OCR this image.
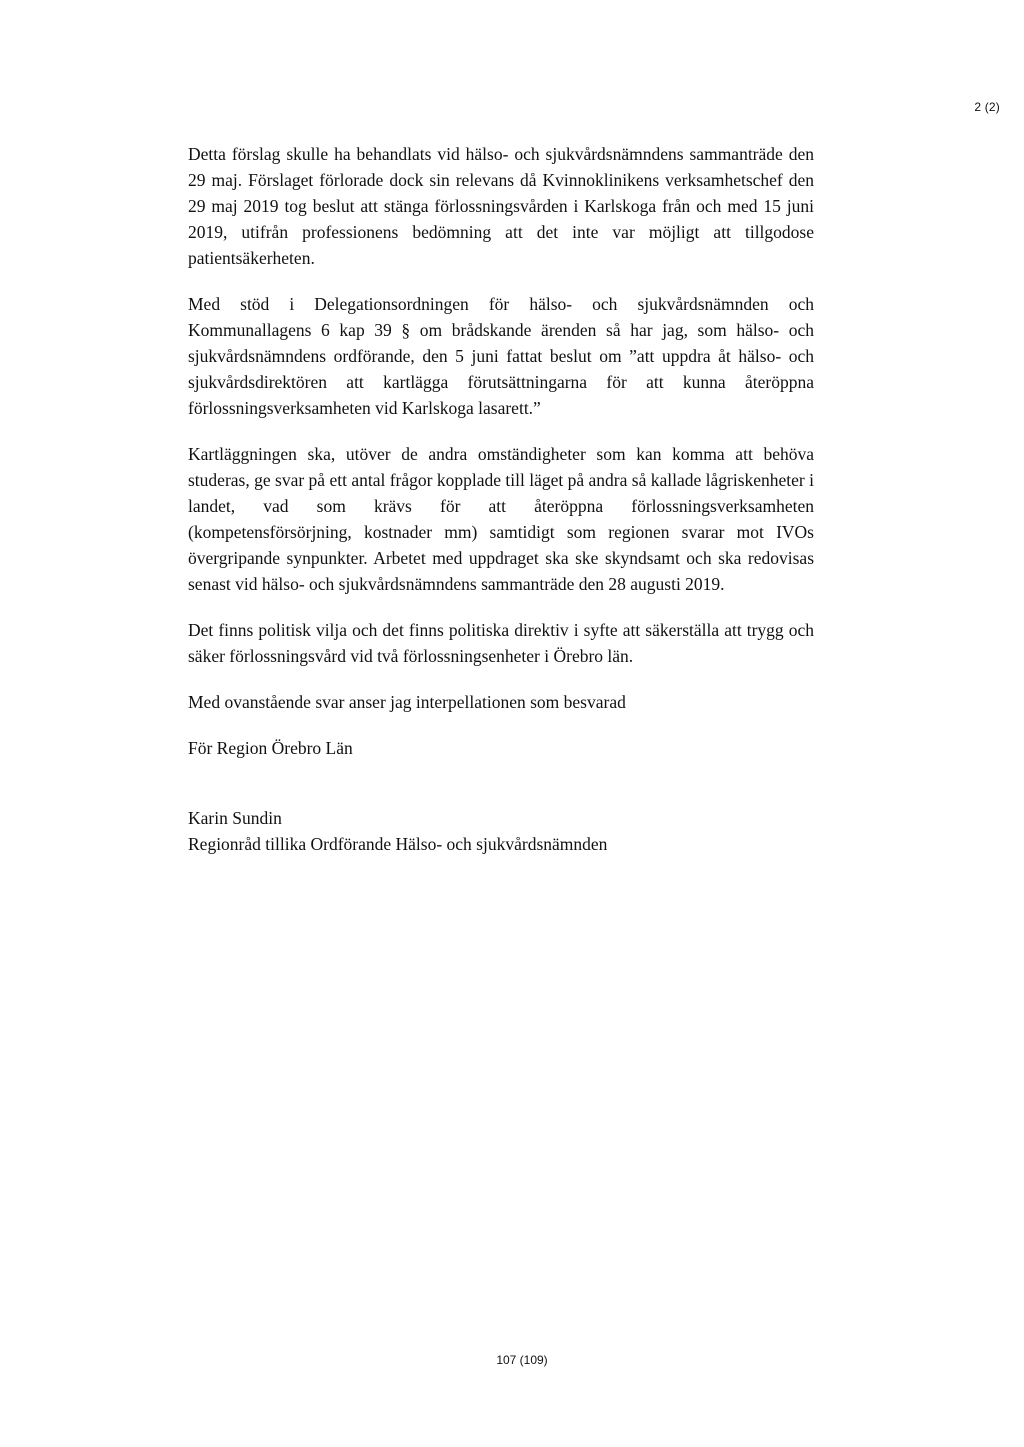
2 (2)

Detta förslag skulle ha behandlats vid hälso- och sjukvårdsnämndens sammanträde den 29 maj. Förslaget förlorade dock sin relevans då Kvinnoklinikens verksamhetschef den 29 maj 2019 tog beslut att stänga förlossningsvården i Karlskoga från och med 15 juni 2019, utifrån professionens bedömning att det inte var möjligt att tillgodose patientsäkerheten.

Med stöd i Delegationsordningen för hälso- och sjukvårdsnämnden och Kommunallagens 6 kap 39 § om brådskande ärenden så har jag, som hälso- och sjukvårdsnämndens ordförande, den 5 juni fattat beslut om ”att uppdra åt hälso- och sjukvårdsdirektören att kartlägga förutsättningarna för att kunna återöppna förlossningsverksamheten vid Karlskoga lasarett.”

Kartläggningen ska, utöver de andra omständigheter som kan komma att behöva studeras, ge svar på ett antal frågor kopplade till läget på andra så kallade lågriskenheter i landet, vad som krävs för att återöppna förlossningsverksamheten (kompetensförsörjning, kostnader mm) samtidigt som regionen svarar mot IVOs övergripande synpunkter. Arbetet med uppdraget ska ske skyndsamt och ska redovisas senast vid hälso- och sjukvårdsnämndens sammanträde den 28 augusti 2019.

Det finns politisk vilja och det finns politiska direktiv i syfte att säkerställa att trygg och säker förlossningsvård vid två förlossningsenheter i Örebro län.

Med ovanstående svar anser jag interpellationen som besvarad

För Region Örebro Län

Karin Sundin
Regionråd tillika Ordförande Hälso- och sjukvårdsnämnden
107 (109)
